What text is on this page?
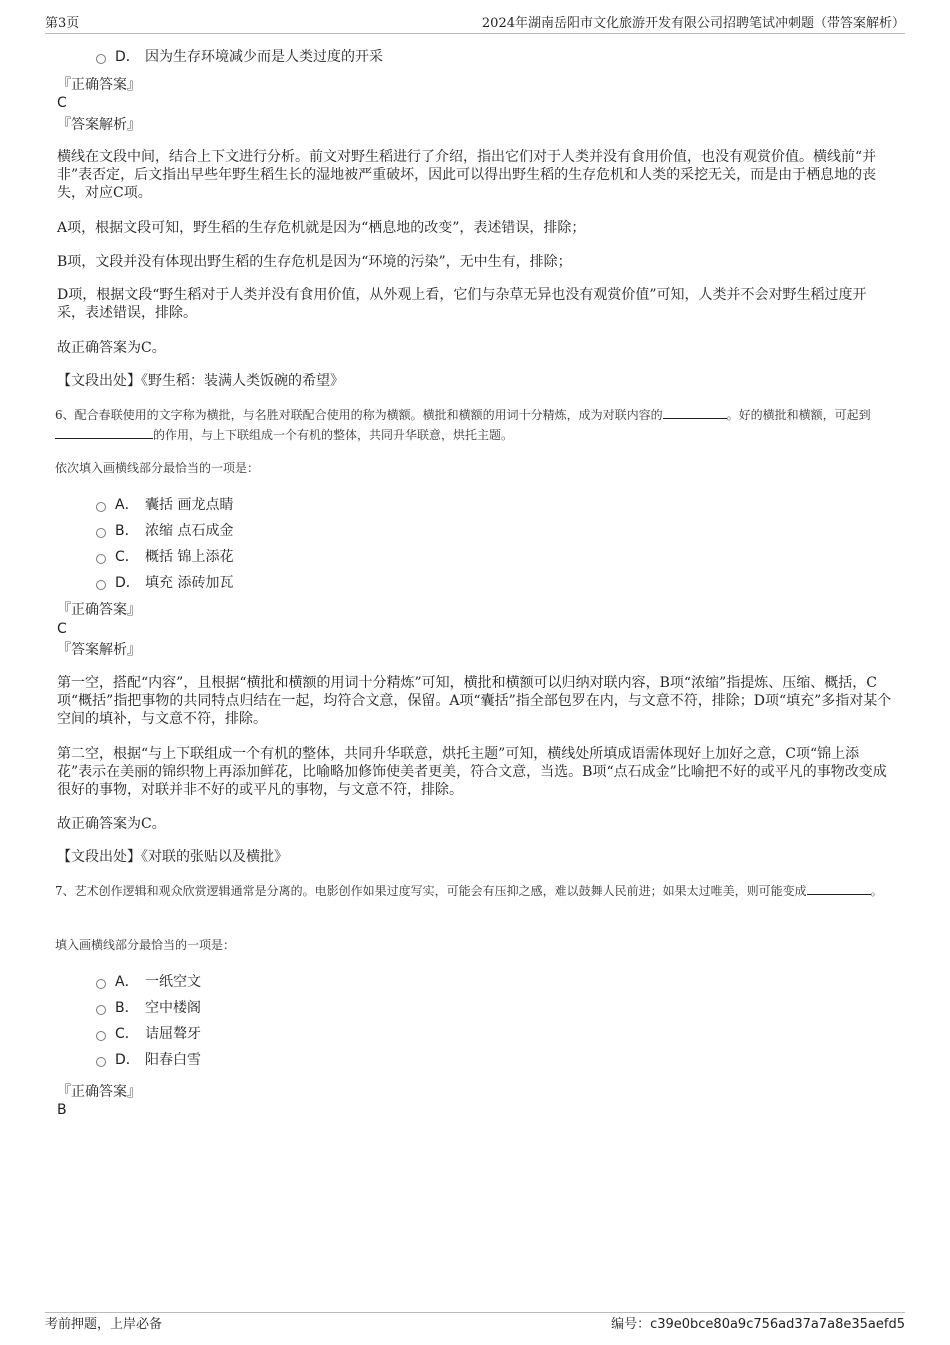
第3页	2024年湖南岳阳市文化旅游开发有限公司招聘笔试冲刺题（带答案解析）
D． 因为生存环境减少而是人类过度的开采
『正确答案』
C
『答案解析』
横线在文段中间，结合上下文进行分析。前文对野生稻进行了介绍，指出它们对于人类并没有食用价值，也没有观赏价值。横线前“并非”表否定，后文指出早些年野生稻生长的湿地被严重破坏，因此可以得出野生稻的生存危机和人类的采挖无关，而是由于栖息地的丧失，对应C项。
A项，根据文段可知，野生稻的生存危机就是因为“栖息地的改变”，表述错误，排除；
B项，文段并没有体现出野生稻的生存危机是因为“环境的污染”，无中生有，排除；
D项，根据文段“野生稻对于人类并没有食用价值，从外观上看，它们与杂草无异也没有观赏价值”可知，人类并不会对野生稻过度开采，表述错误，排除。
故正确答案为C。
【文段出处】《野生稻：装满人类饭碗的希望》
6、配合春联使用的文字称为横批，与名胜对联配合使用的称为横额。横批和横额的用词十分精炼，成为对联内容的	。好的横批和横额，可起到的作用，与上下联组成一个有机的整体，共同升华联意，烘托主题。
依次填入画横线部分最恰当的一项是：
A． 囊括 画龙点睛
B． 浓缩 点石成金
C． 概括 锦上添花
D． 填充 添砖加瓦
『正确答案』
C
『答案解析』
第一空，搭配“内容”，且根据“横批和横额的用词十分精炼”可知，横批和横额可以归纳对联内容，B项“浓缩”指提炼、压缩、概括，C项“概括”指把事物的共同特点归结在一起，均符合文意，保留。A项“囊括”指全部包罗在内，与文意不符，排除；D项“填充”多指对某个空间的填补，与文意不符，排除。
第二空，根据“与上下联组成一个有机的整体，共同升华联意，烘托主题”可知，横线处所填成语需体现好上加好之意，C项“锦上添花”表示在美丽的锦织物上再添加鲜花，比喻略加修饰使美者更美，符合文意，当选。B项“点石成金”比喻把不好的或平凡的事物改变成很好的事物，对联并非不好的或平凡的事物，与文意不符，排除。
故正确答案为C。
【文段出处】《对联的张贴以及横批》
7、艺术创作逻辑和观众欣赏逻辑通常是分离的。电影创作如果过度写实，可能会有压抑之感，难以鼓舞人民前进；如果太过唯美，则可能变成	。
填入画横线部分最恰当的一项是：
A． 一纸空文
B． 空中楼阁
C． 诘屈聱牙
D． 阳春白雪
『正确答案』
B
考前押题，上岸必备	编号：c39e0bce80a9c756ad37a7a8e35aefd5
